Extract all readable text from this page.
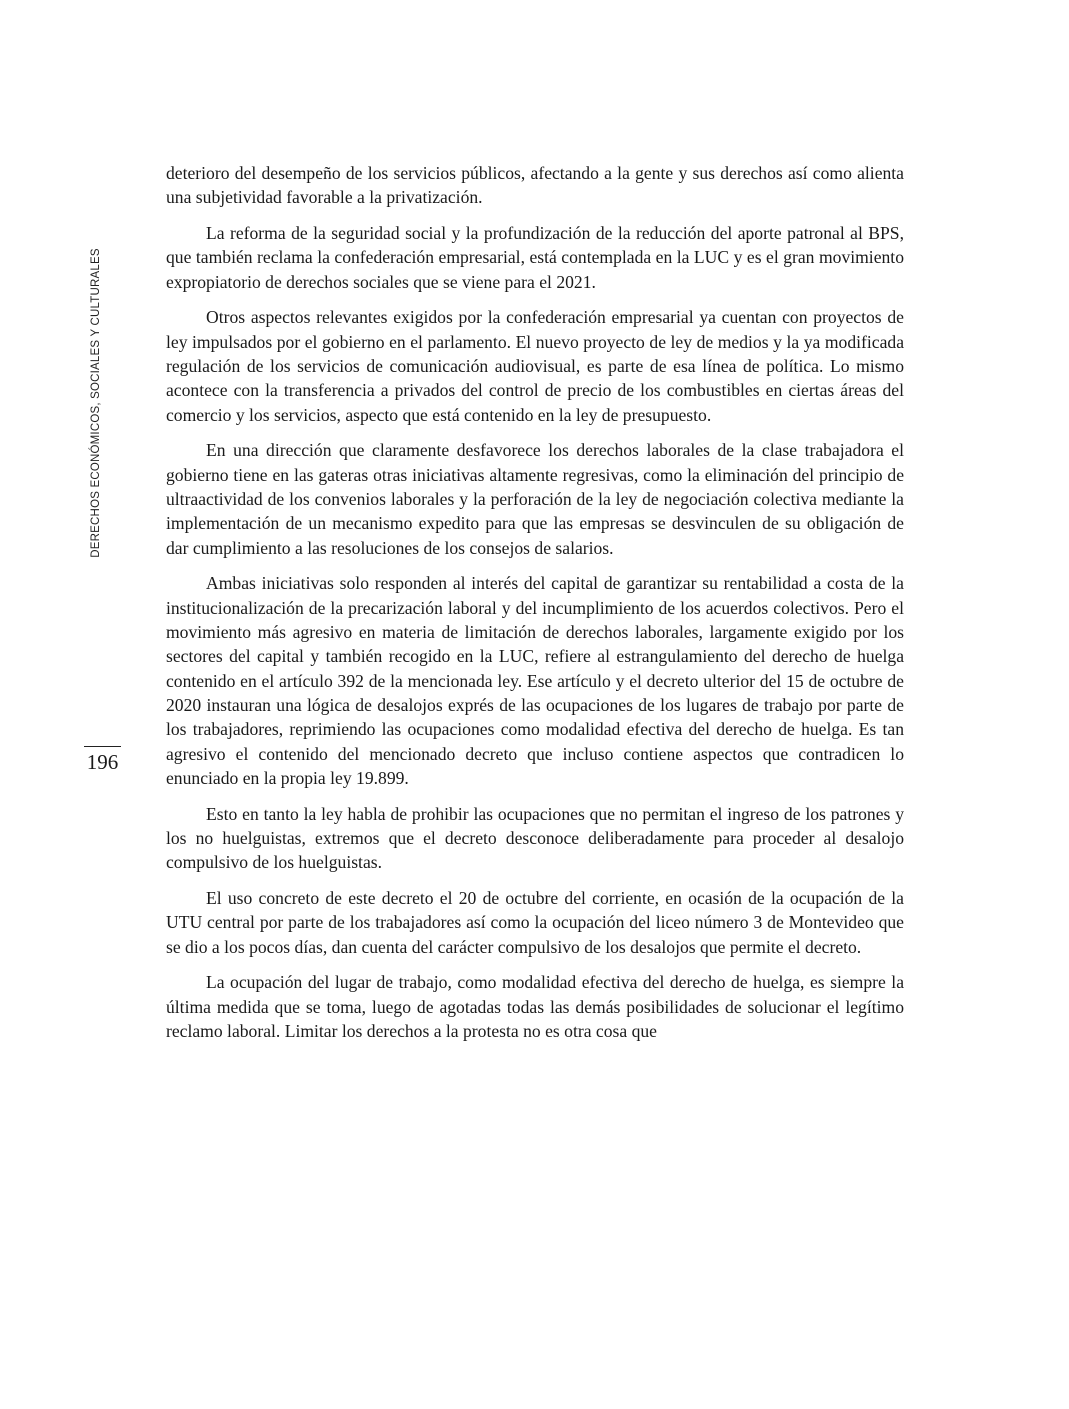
DERECHOS ECONÓMICOS, SOCIALES Y CULTURALES
196

deterioro del desempeño de los servicios públicos, afectando a la gente y sus derechos así como alienta una subjetividad favorable a la privatización.

La reforma de la seguridad social y la profundización de la reducción del aporte patronal al BPS, que también reclama la confederación empresarial, está contemplada en la LUC y es el gran movimiento expropiatorio de derechos sociales que se viene para el 2021.

Otros aspectos relevantes exigidos por la confederación empresarial ya cuentan con proyectos de ley impulsados por el gobierno en el parlamento. El nuevo proyecto de ley de medios y la ya modificada regulación de los servicios de comunicación audiovisual, es parte de esa línea de política. Lo mismo acontece con la transferencia a privados del control de precio de los combustibles en ciertas áreas del comercio y los servicios, aspecto que está contenido en la ley de presupuesto.

En una dirección que claramente desfavorece los derechos laborales de la clase trabajadora el gobierno tiene en las gateras otras iniciativas altamente regresivas, como la eliminación del principio de ultraactividad de los convenios laborales y la perforación de la ley de negociación colectiva mediante la implementación de un mecanismo expedito para que las empresas se desvinculen de su obligación de dar cumplimiento a las resoluciones de los consejos de salarios.

Ambas iniciativas solo responden al interés del capital de garantizar su rentabilidad a costa de la institucionalización de la precarización laboral y del incumplimiento de los acuerdos colectivos. Pero el movimiento más agresivo en materia de limitación de derechos laborales, largamente exigido por los sectores del capital y también recogido en la LUC, refiere al estrangulamiento del derecho de huelga contenido en el artículo 392 de la mencionada ley. Ese artículo y el decreto ulterior del 15 de octubre de 2020 instauran una lógica de desalojos exprés de las ocupaciones de los lugares de trabajo por parte de los trabajadores, reprimiendo las ocupaciones como modalidad efectiva del derecho de huelga. Es tan agresivo el contenido del mencionado decreto que incluso contiene aspectos que contradicen lo enunciado en la propia ley 19.899.

Esto en tanto la ley habla de prohibir las ocupaciones que no permitan el ingreso de los patrones y los no huelguistas, extremos que el decreto desconoce deliberadamente para proceder al desalojo compulsivo de los huelguistas.

El uso concreto de este decreto el 20 de octubre del corriente, en ocasión de la ocupación de la UTU central por parte de los trabajadores así como la ocupación del liceo número 3 de Montevideo que se dio a los pocos días, dan cuenta del carácter compulsivo de los desalojos que permite el decreto.

La ocupación del lugar de trabajo, como modalidad efectiva del derecho de huelga, es siempre la última medida que se toma, luego de agotadas todas las demás posibilidades de solucionar el legítimo reclamo laboral. Limitar los derechos a la protesta no es otra cosa que
